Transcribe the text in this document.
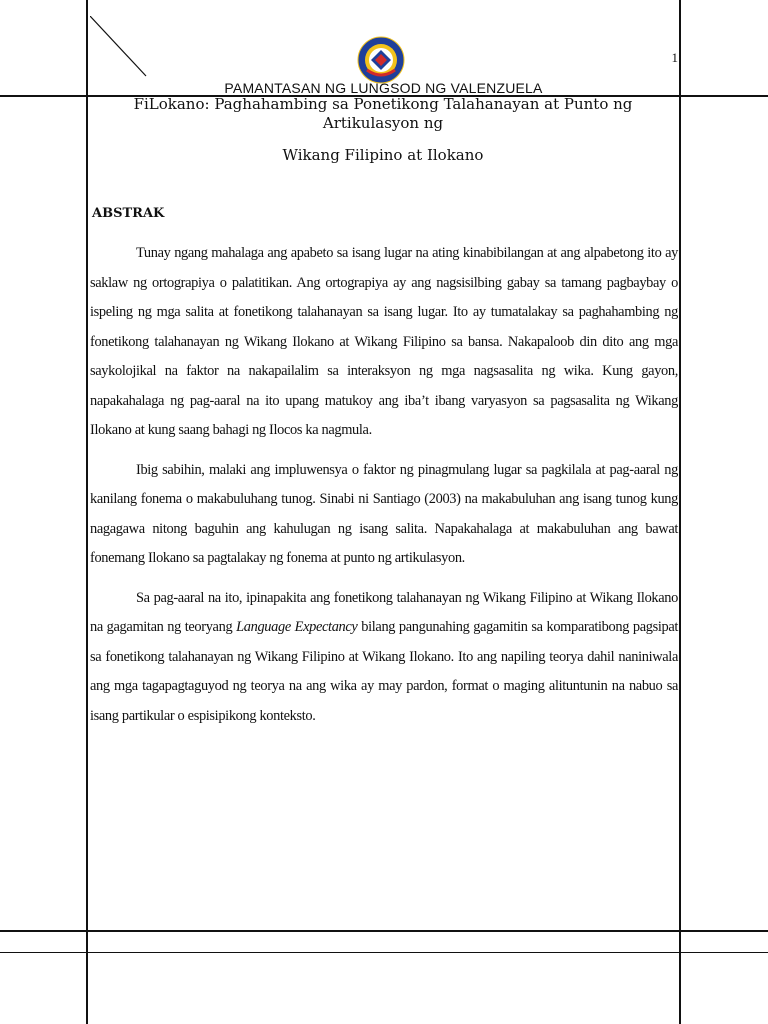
1
PAMANTASAN NG LUNGSOD NG VALENZUELA
FiLokano: Paghahambing sa Ponetikong Talahanayan at Punto ng Artikulasyon ng
Wikang Filipino at Ilokano
ABSTRAK

Tunay ngang mahalaga ang apabeto sa isang lugar na ating kinabibilangan at ang alpabetong ito ay saklaw ng ortograpiya o palatitikan. Ang ortograpiya ay ang nagsisilbing gabay sa tamang pagbaybay o ispeling ng mga salita at fonetikong talahanayan sa isang lugar. Ito ay tumatalakay sa paghahambing ng fonetikong talahanayan ng Wikang Ilokano at Wikang Filipino sa bansa. Nakapaloob din dito ang mga saykolojikal na faktor na nakapailalim sa interaksyon ng mga nagsasalita ng wika. Kung gayon, napakahalaga ng pag-aaral na ito upang matukoy ang iba’t ibang varyasyon sa pagsasalita ng Wikang Ilokano at kung saang bahagi ng Ilocos ka nagmula.

Ibig sabihin, malaki ang impluwensya o faktor ng pinagmulang lugar sa pagkilala at pag-aaral ng kanilang fonema o makabuluhang tunog. Sinabi ni Santiago (2003) na makabuluhan ang isang tunog kung nagagawa nitong baguhin ang kahulugan ng isang salita. Napakahalaga at makabuluhan ang bawat fonemang Ilokano sa pagtalakay ng fonema at punto ng artikulasyon.

Sa pag-aaral na ito, ipinapakita ang fonetikong talahanayan ng Wikang Filipino at Wikang Ilokano na gagamitan ng teoryang Language Expectancy bilang pangunahing gagamitin sa komparatibong pagsipat sa fonetikong talahanayan ng Wikang Filipino at Wikang Ilokano. Ito ang napiling teorya dahil naniniwala ang mga tagapagtaguyod ng teorya na ang wika ay may pardon, format o maging alituntunin na nabuo sa isang partikular o espisipikong konteksto.
